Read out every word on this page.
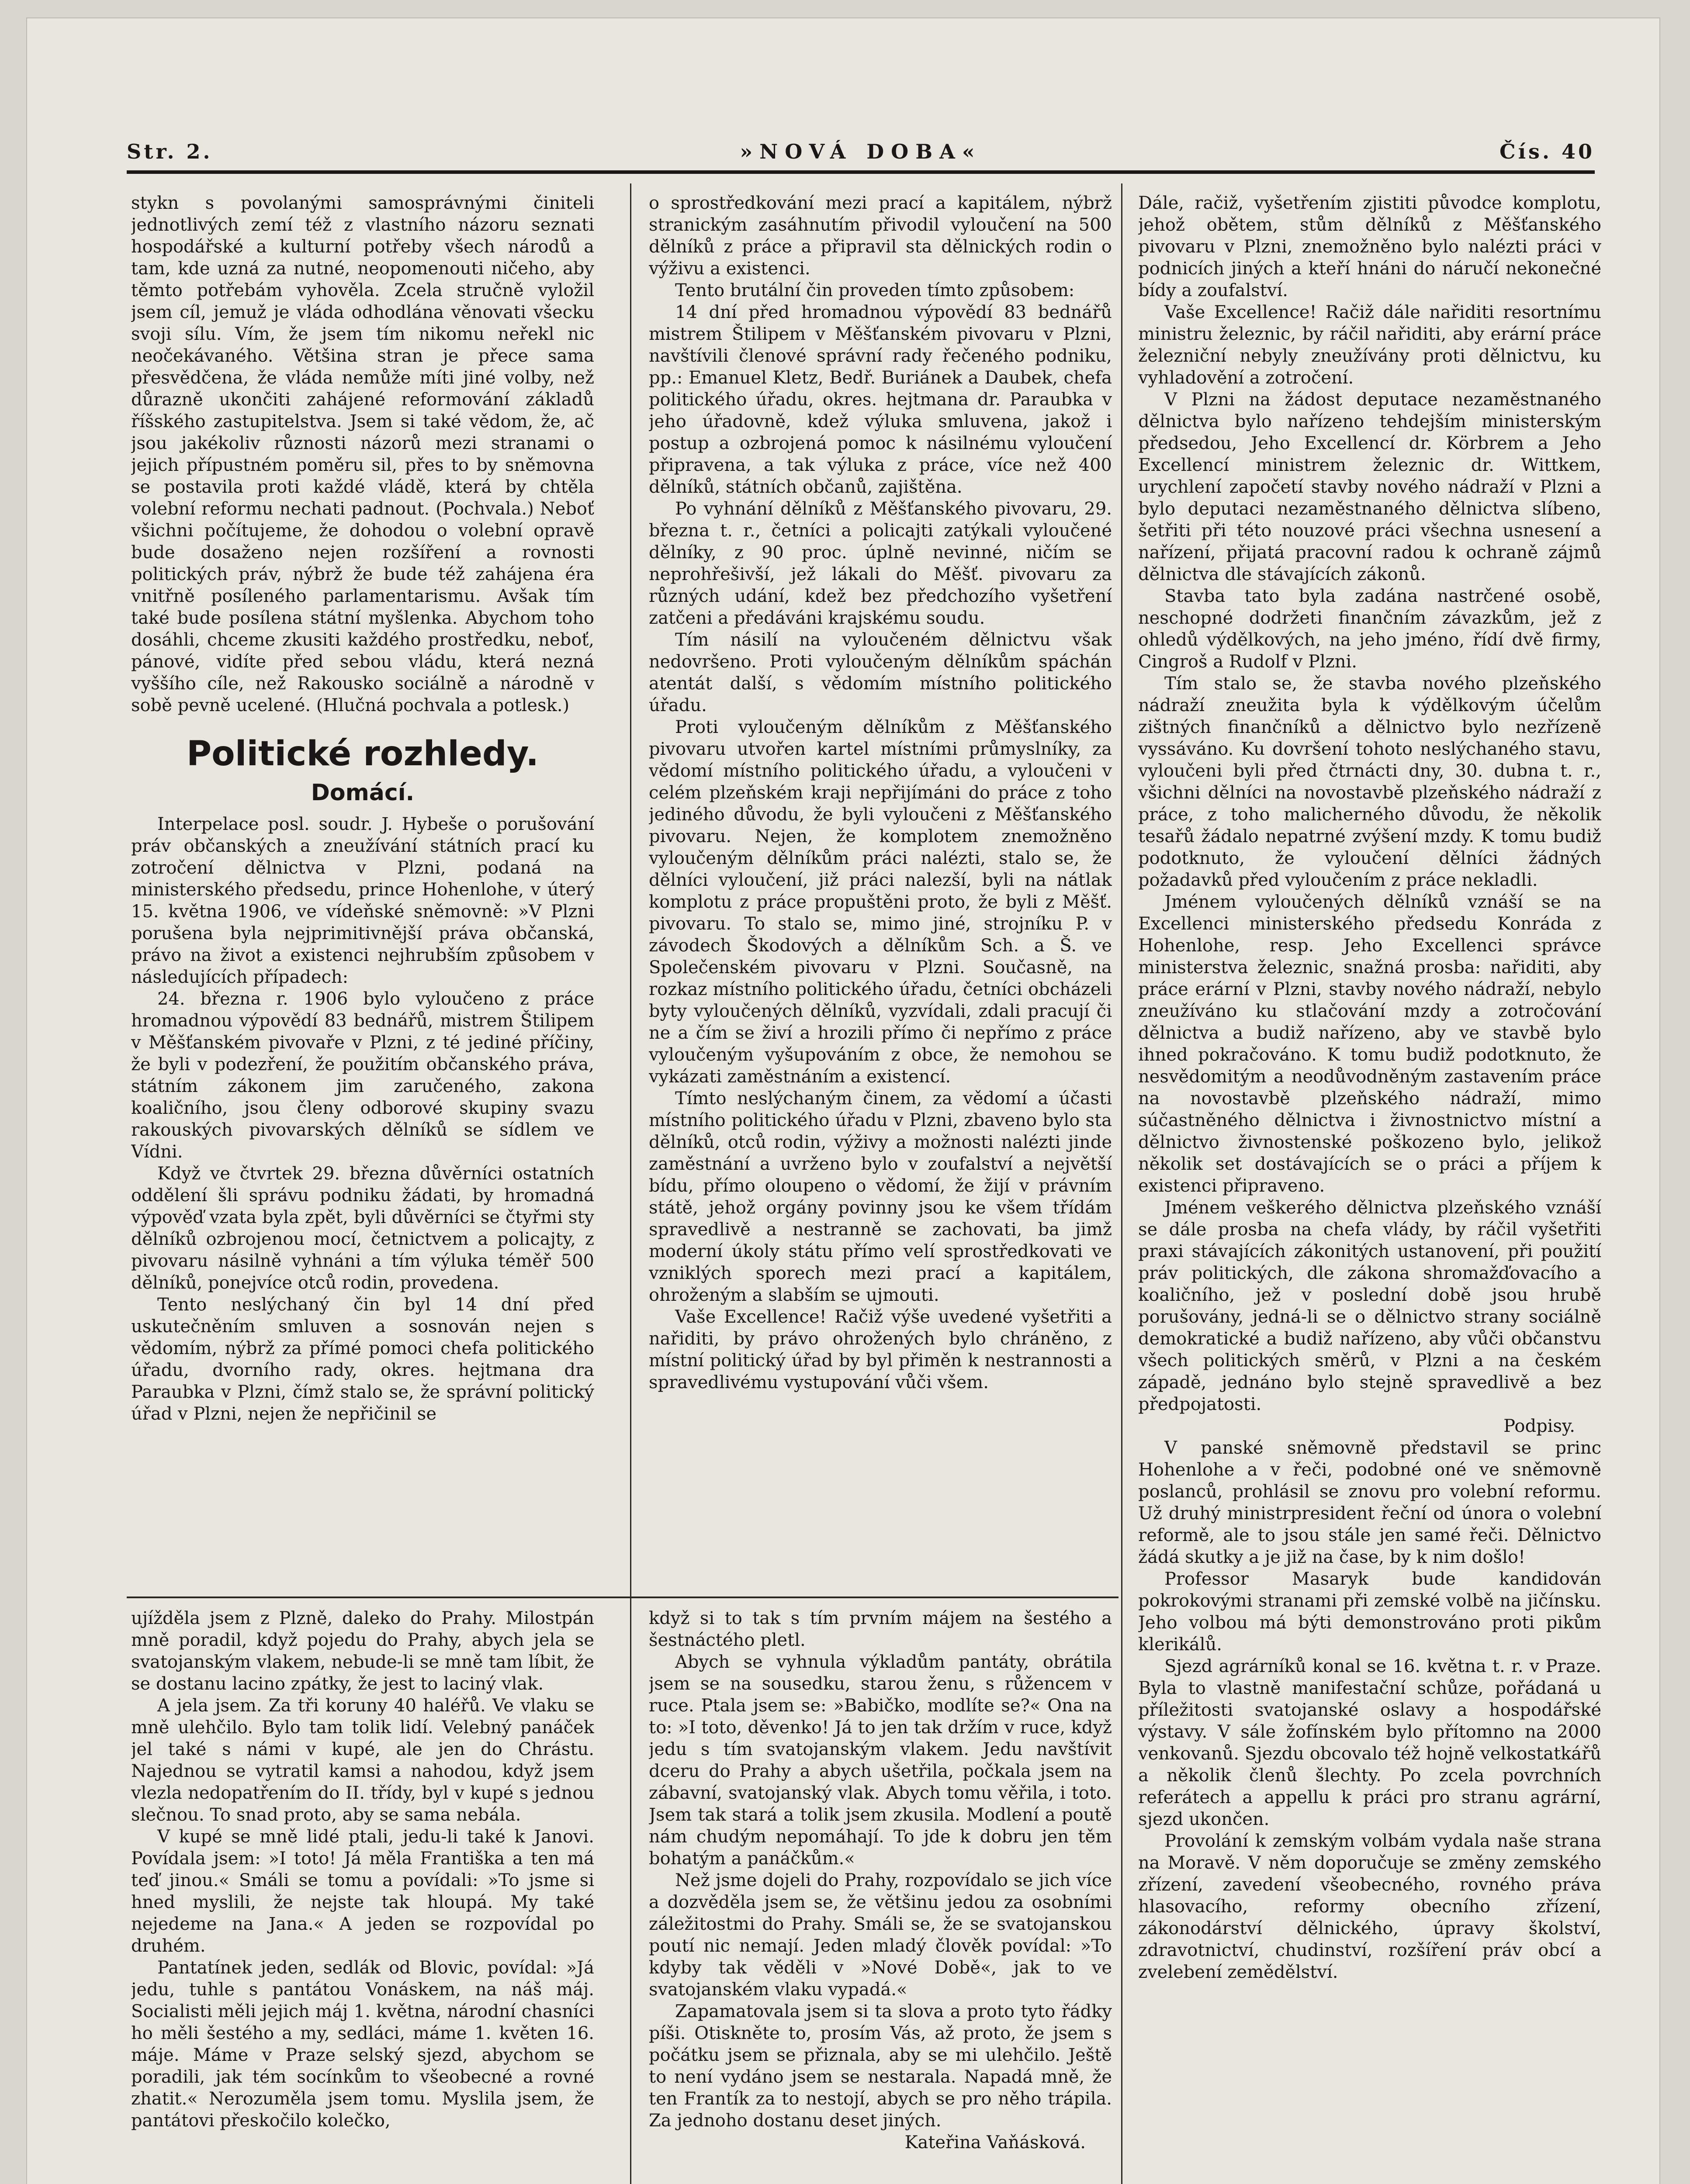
Str. 2.	»NOVÁ DOBA«	Čís. 40

stykn s povolanými samosprávnými činiteli jednotlivých zemí též z vlastního názoru seznati hospodářské a kulturní potřeby všech národů a tam, kde uzná za nutné, neopomenouti ničeho, aby těmto potřebám vyhověla. Zcela stručně vyložil jsem cíl, jemuž je vláda odhodlána věnovati všecku svoji sílu. Vím, že jsem tím nikomu neřekl nic neočekávaného. Většina stran je přece sama přesvědčena, že vláda nemůže míti jiné volby, než důrazně ukončiti zahájené reformování základů říšského zastupitelstva. Jsem si také vědom, že, ač jsou jakékoliv různosti názorů mezi stranami o jejich přípustném poměru sil, přes to by sněmovna se postavila proti každé vládě, která by chtěla volební reformu nechati padnout. (Pochvala.) Neboť všichni počítujeme, že dohodou o volební opravě bude dosaženo nejen rozšíření a rovnosti politických práv, nýbrž že bude též zahájena éra vnitřně posíleného parlamentarismu. Avšak tím také bude posílena státní myšlenka. Abychom toho dosáhli, chceme zkusiti každého prostředku, neboť, pánové, vidíte před sebou vládu, která nezná vyššího cíle, než Rakousko sociálně a národně v sobě pevně ucelené. (Hlučná pochvala a potlesk.)

Politické rozhledy.
Domácí.

Interpelace posl. soudr. J. Hybeše o porušování práv občanských a zneužívání státních prací ku zotročení dělnictva v Plzni, podaná na ministerského předsedu, prince Hohenlohe, v úterý 15. května 1906, ve vídeňské sněmovně: »V Plzni porušena byla nejprimitivnější práva občanská, právo na život a existenci nejhrubším způsobem v následujících případech:

24. března r. 1906 bylo vyloučeno z práce hromadnou výpovědí 83 bednářů, mistrem Štilipem v Měšťanském pivovaře v Plzni, z té jediné příčiny, že byli v podezření, že použitím občanského práva, státním zákonem jim zaručeného, zakona koaličního, jsou členy odborové skupiny svazu rakouských pivovarských dělníků se sídlem ve Vídni.

Když ve čtvrtek 29. března důvěrníci ostatních oddělení šli správu podniku žádati, by hromadná výpověď vzata byla zpět, byli důvěrníci se čtyřmi sty dělníků ozbrojenou mocí, četnictvem a policajty, z pivovaru násilně vyhnáni a tím výluka téměř 500 dělníků, ponejvíce otců rodin, provedena.

Tento neslýchaný čin byl 14 dní před uskutečněním smluven a sosnován nejen s vědomím, nýbrž za přímé pomoci chefa politického úřadu, dvorního rady, okres. hejtmana dra Paraubka v Plzni, čímž stalo se, že správní politický úřad v Plzni, nejen že nepřičinil se

o sprostředkování mezi prací a kapitálem, nýbrž stranickým zasáhnutím přivodil vyloučení na 500 dělníků z práce a připravil sta dělnických rodin o výživu a existenci.

Tento brutální čin proveden tímto způsobem:

14 dní před hromadnou výpovědí 83 bednářů mistrem Štilipem v Měšťanském pivovaru v Plzni, navštívili členové správní rady řečeného podniku, pp.: Emanuel Kletz, Bedř. Buriánek a Daubek, chefa politického úřadu, okres. hejtmana dr. Paraubka v jeho úřadovně, kdež výluka smluvena, jakož i postup a ozbrojená pomoc k násilnému vyloučení připravena, a tak výluka z práce, více než 400 dělníků, státních občanů, zajištěna.

Po vyhnání dělníků z Měšťanského pivovaru, 29. března t. r., četníci a policajti zatýkali vyloučené dělníky, z 90 proc. úplně nevinné, ničím se neprohřešivší, jež lákali do Měšť. pivovaru za různých udání, kdež bez předchozího vyšetření zatčeni a předáváni krajskému soudu.

Tím násilí na vyloučeném dělnictvu však nedovršeno. Proti vyloučeným dělníkům spáchán atentát další, s vědomím místního politického úřadu.

Proti vyloučeným dělníkům z Měšťanského pivovaru utvořen kartel místními průmyslníky, za vědomí místního politického úřadu, a vyloučeni v celém plzeňském kraji nepřijímáni do práce z toho jediného důvodu, že byli vyloučeni z Měšťanského pivovaru. Nejen, že komplotem znemožněno vyloučeným dělníkům práci nalézti, stalo se, že dělníci vyloučení, již práci nalezší, byli na nátlak komplotu z práce propuštěni proto, že byli z Měšť. pivovaru. To stalo se, mimo jiné, strojníku P. v závodech Škodových a dělníkům Sch. a Š. ve Společenském pivovaru v Plzni. Současně, na rozkaz místního politického úřadu, četníci obcházeli byty vyloučených dělníků, vyzvídali, zdali pracují či ne a čím se živí a hrozili přímo či nepřímo z práce vyloučeným vyšupováním z obce, že nemohou se vykázati zaměstnáním a existencí.

Tímto neslýchaným činem, za vědomí a účasti místního politického úřadu v Plzni, zbaveno bylo sta dělníků, otců rodin, výživy a možnosti nalézti jinde zaměstnání a uvrženo bylo v zoufalství a největší bídu, přímo oloupeno o vědomí, že žijí v právním státě, jehož orgány povinny jsou ke všem třídám spravedlivě a nestranně se zachovati, ba jimž moderní úkoly státu přímo velí sprostředkovati ve vzniklých sporech mezi prací a kapitálem, ohroženým a slabším se ujmouti.

Vaše Excellence! Račiž výše uvedené vyšetřiti a nařiditi, by právo ohrožených bylo chráněno, z místní politický úřad by byl přiměn k nestrannosti a spravedlivému vystupování vůči všem.

Dále, račiž, vyšetřením zjistiti původce komplotu, jehož obětem, stům dělníků z Měšťanského pivovaru v Plzni, znemožněno bylo nalézti práci v podnicích jiných a kteří hnáni do náručí nekonečné bídy a zoufalství.

Vaše Excellence! Račiž dále nařiditi resortnímu ministru železnic, by ráčil nařiditi, aby erární práce železniční nebyly zneužívány proti dělnictvu, ku vyhladovění a zotročení.

V Plzni na žádost deputace nezaměstnaného dělnictva bylo nařízeno tehdejším ministerským předsedou, Jeho Excellencí dr. Körbrem a Jeho Excellencí ministrem železnic dr. Wittkem, urychlení započetí stavby nového nádraží v Plzni a bylo deputaci nezaměstnaného dělnictva slíbeno, šetřiti při této nouzové práci všechna usnesení a nařízení, přijatá pracovní radou k ochraně zájmů dělnictva dle stávajících zákonů.

Stavba tato byla zadána nastrčené osobě, neschopné dodržeti finančním závazkům, jež z ohledů výdělkových, na jeho jméno, řídí dvě firmy, Cingroš a Rudolf v Plzni.

Tím stalo se, že stavba nového plzeňského nádraží zneužita byla k výdělkovým účelům zištných finančníků a dělnictvo bylo nezřízeně vyssáváno. Ku dovršení tohoto neslýchaného stavu, vyloučeni byli před čtrnácti dny, 30. dubna t. r., všichni dělníci na novostavbě plzeňského nádraží z práce, z toho malicherného důvodu, že několik tesařů žádalo nepatrné zvýšení mzdy. K tomu budiž podotknuto, že vyloučení dělníci žádných požadavků před vyloučením z práce nekladli.

Jménem vyloučených dělníků vznáší se na Excellenci ministerského předsedu Konráda z Hohenlohe, resp. Jeho Excellenci správce ministerstva železnic, snažná prosba: nařiditi, aby práce erární v Plzni, stavby nového nádraží, nebylo zneužíváno ku stlačování mzdy a zotročování dělnictva a budiž nařízeno, aby ve stavbě bylo ihned pokračováno. K tomu budiž podotknuto, že nesvědomitým a neodůvodněným zastavením práce na novostavbě plzeňského nádraží, mimo súčastněného dělnictva i živnostnictvo místní a dělnictvo živnostenské poškozeno bylo, jelikož několik set dostávajících se o práci a příjem k existenci připraveno.

Jménem veškerého dělnictva plzeňského vznáší se dále prosba na chefa vlády, by ráčil vyšetřiti praxi stávajících zákonitých ustanovení, při použití práv politických, dle zákona shromažďovacího a koaličního, jež v poslední době jsou hrubě porušovány, jedná-li se o dělnictvo strany sociálně demokratické a budiž nařízeno, aby vůči občanstvu všech politických směrů, v Plzni a na českém západě, jednáno bylo stejně spravedlivě a bez předpojatosti.

Podpisy.

V panské sněmovně představil se princ Hohenlohe a v řeči, podobné oné ve sněmovně poslanců, prohlásil se znovu pro volební reformu. Už druhý ministrpresident řeční od února o volební reformě, ale to jsou stále jen samé řeči. Dělnictvo žádá skutky a je již na čase, by k nim došlo!

Professor Masaryk bude kandidován pokrokovými stranami při zemské volbě na jičínsku. Jeho volbou má býti demonstrováno proti pikům klerikálů.

Sjezd agrárníků konal se 16. května t. r. v Praze. Byla to vlastně manifestační schůze, pořádaná u příležitosti svatojanské oslavy a hospodářské výstavy. V sále žofínském bylo přítomno na 2000 venkovanů. Sjezdu obcovalo též hojně velkostatkářů a několik členů šlechty. Po zcela povrchních referátech a appellu k práci pro stranu agrární, sjezd ukončen.

Provolání k zemským volbám vydala naše strana na Moravě. V něm doporučuje se změny zemského zřízení, zavedení všeobecného, rovného práva hlasovacího, reformy obecního zřízení, zákonodárství dělnického, úpravy školství, zdravotnictví, chudinství, rozšíření práv obcí a zvelebení zemědělství.

ujížděla jsem z Plzně, daleko do Prahy. Milostpán mně poradil, když pojedu do Prahy, abych jela se svatojanským vlakem, nebude-li se mně tam líbit, že se dostanu lacino zpátky, že jest to laciný vlak.

A jela jsem. Za tři koruny 40 haléřů. Ve vlaku se mně ulehčilo. Bylo tam tolik lidí. Velebný panáček jel také s námi v kupé, ale jen do Chrástu. Najednou se vytratil kamsi a nahodou, když jsem vlezla nedopatřením do II. třídy, byl v kupé s jednou slečnou. To snad proto, aby se sama nebála.

V kupé se mně lidé ptali, jedu-li také k Janovi. Povídala jsem: »I toto! Já měla Františka a ten má teď jinou.« Smáli se tomu a povídali: »To jsme si hned myslili, že nejste tak hloupá. My také nejedeme na Jana.« A jeden se rozpovídal po druhém.

Pantatínek jeden, sedlák od Blovic, povídal: »Já jedu, tuhle s pantátou Vonáskem, na náš máj. Socialisti měli jejich máj 1. května, národní chasníci ho měli šestého a my, sedláci, máme 1. květen 16. máje. Máme v Praze selský sjezd, abychom se poradili, jak tém socínkům to všeobecné a rovné zhatit.« Nerozuměla jsem tomu. Myslila jsem, že pantátovi přeskočilo kolečko,

když si to tak s tím prvním májem na šestého a šestnáctého pletl.

Abych se vyhnula výkladům pantáty, obrátila jsem se na sousedku, starou ženu, s růžencem v ruce. Ptala jsem se: »Babičko, modlíte se?« Ona na to: »I toto, děvenko! Já to jen tak držím v ruce, když jedu s tím svatojanským vlakem. Jedu navštívit dceru do Prahy a abych ušetřila, počkala jsem na zábavní, svatojanský vlak. Abych tomu věřila, i toto. Jsem tak stará a tolik jsem zkusila. Modlení a poutě nám chudým nepomáhají. To jde k dobru jen těm bohatým a panáčkům.«

Než jsme dojeli do Prahy, rozpovídalo se jich více a dozvěděla jsem se, že většinu jedou za osobními záležitostmi do Prahy. Smáli se, že se svatojanskou poutí nic nemají. Jeden mladý člověk povídal: »To kdyby tak věděli v »Nové Době«, jak to ve svatojanském vlaku vypadá.«

Zapamatovala jsem si ta slova a proto tyto řádky píši. Otiskněte to, prosím Vás, až proto, že jsem s počátku jsem se přiznala, aby se mi ulehčilo. Ještě to není vydáno jsem se nestarala. Napadá mně, že ten Frantík za to nestojí, abych se pro něho trápila. Za jednoho dostanu deset jiných.

Kateřina Vaňásková.
